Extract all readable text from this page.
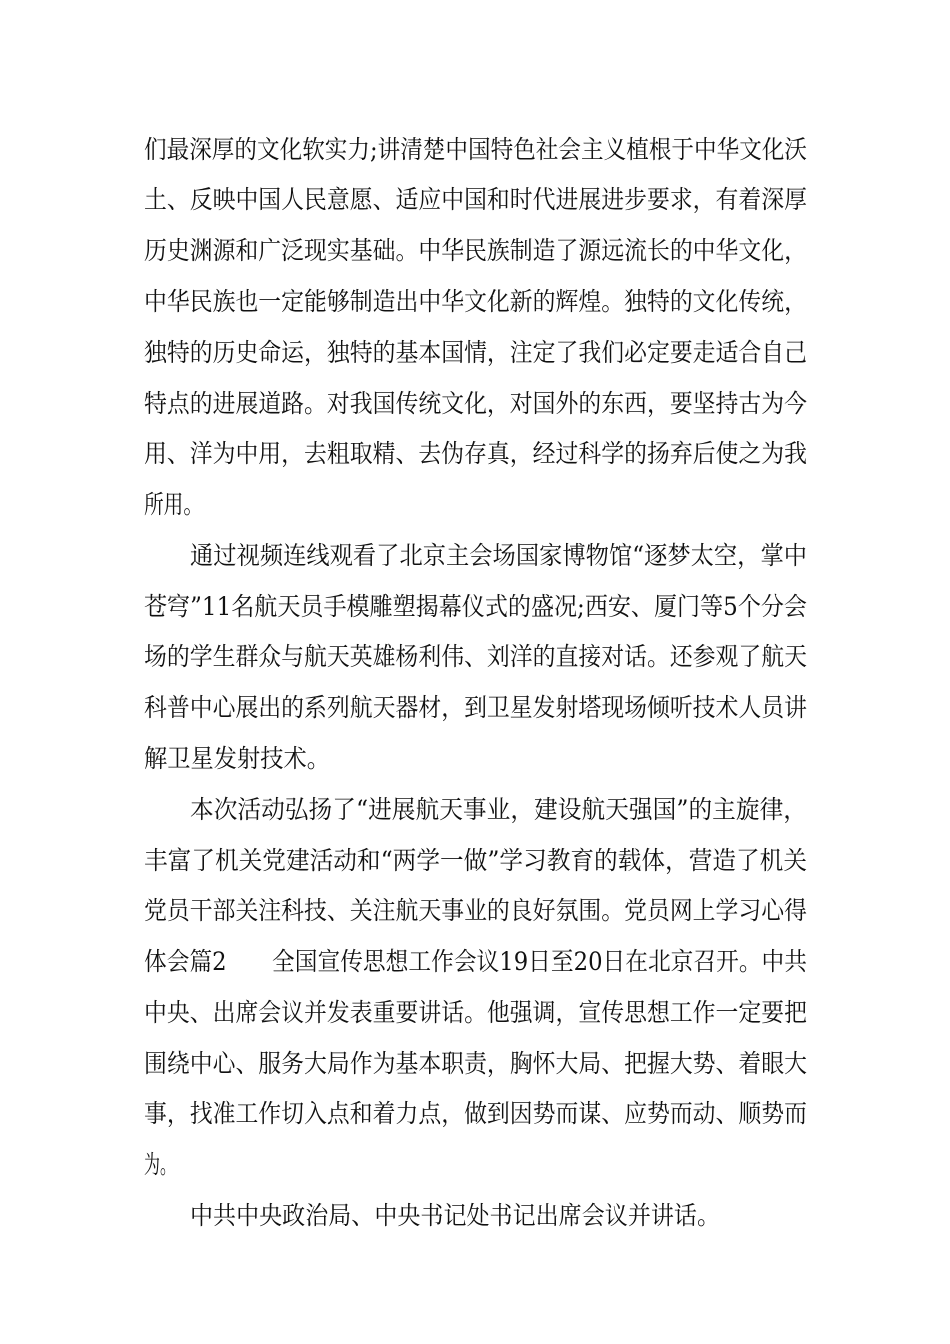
们最深厚的文化软实力;讲清楚中国特色社会主义植根于中华文化沃
土、反映中国人民意愿、适应中国和时代进展进步要求，有着深厚
历史渊源和广泛现实基础。中华民族制造了源远流长的中华文化，
中华民族也一定能够制造出中华文化新的辉煌。独特的文化传统，
独特的历史命运，独特的基本国情，注定了我们必定要走适合自己
特点的进展道路。对我国传统文化，对国外的东西，要坚持古为今
用、洋为中用，去粗取精、去伪存真，经过科学的扬弃后使之为我
所用。
通过视频连线观看了北京主会场国家博物馆“逐梦太空，掌中
苍穹”11名航天员手模雕塑揭幕仪式的盛况;西安、厦门等5个分会
场的学生群众与航天英雄杨利伟、刘洋的直接对话。还参观了航天
科普中心展出的系列航天器材，到卫星发射塔现场倾听技术人员讲
解卫星发射技术。
本次活动弘扬了“进展航天事业，建设航天强国”的主旋律，
丰富了机关党建活动和“两学一做”学习教育的载体，营造了机关
党员干部关注科技、关注航天事业的良好氛围。党员网上学习心得
体会篇2　　全国宣传思想工作会议19日至20日在北京召开。中共
中央、出席会议并发表重要讲话。他强调，宣传思想工作一定要把
围绕中心、服务大局作为基本职责，胸怀大局、把握大势、着眼大
事，找准工作切入点和着力点，做到因势而谋、应势而动、顺势而
为。
中共中央政治局、中央书记处书记出席会议并讲话。
